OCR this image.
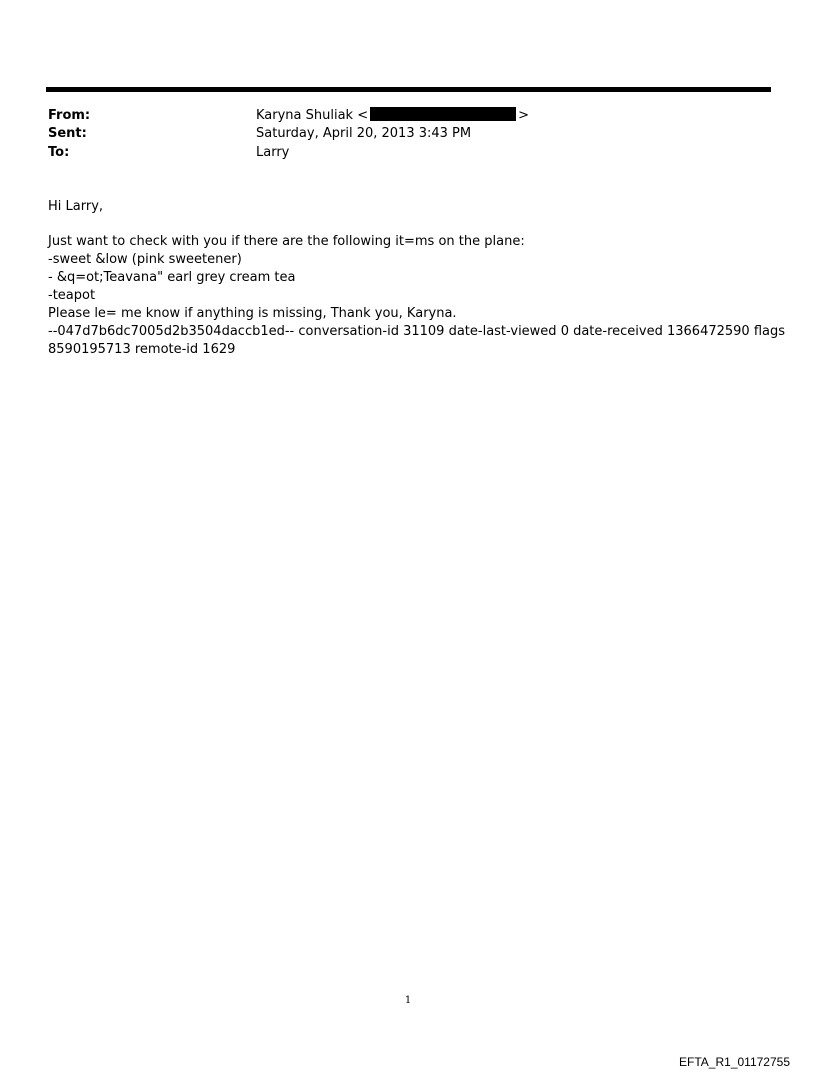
From:	Karyna Shuliak <	>
Sent:	Saturday, April 20, 2013 3:43 PM
To:	Larry
Hi Larry,
Just want to check with you if there are the following it=ms on the plane:
-sweet &low (pink sweetener)
- &q=ot;Teavana" earl grey cream tea
-teapot
Please le= me know if anything is missing, Thank you, Karyna.
--047d7b6dc7005d2b3504daccb1ed-- conversation-id 31109 date-last-viewed 0 date-received 1366472590 flags
8590195713 remote-id 1629
1
EFTA_R1_01172755
